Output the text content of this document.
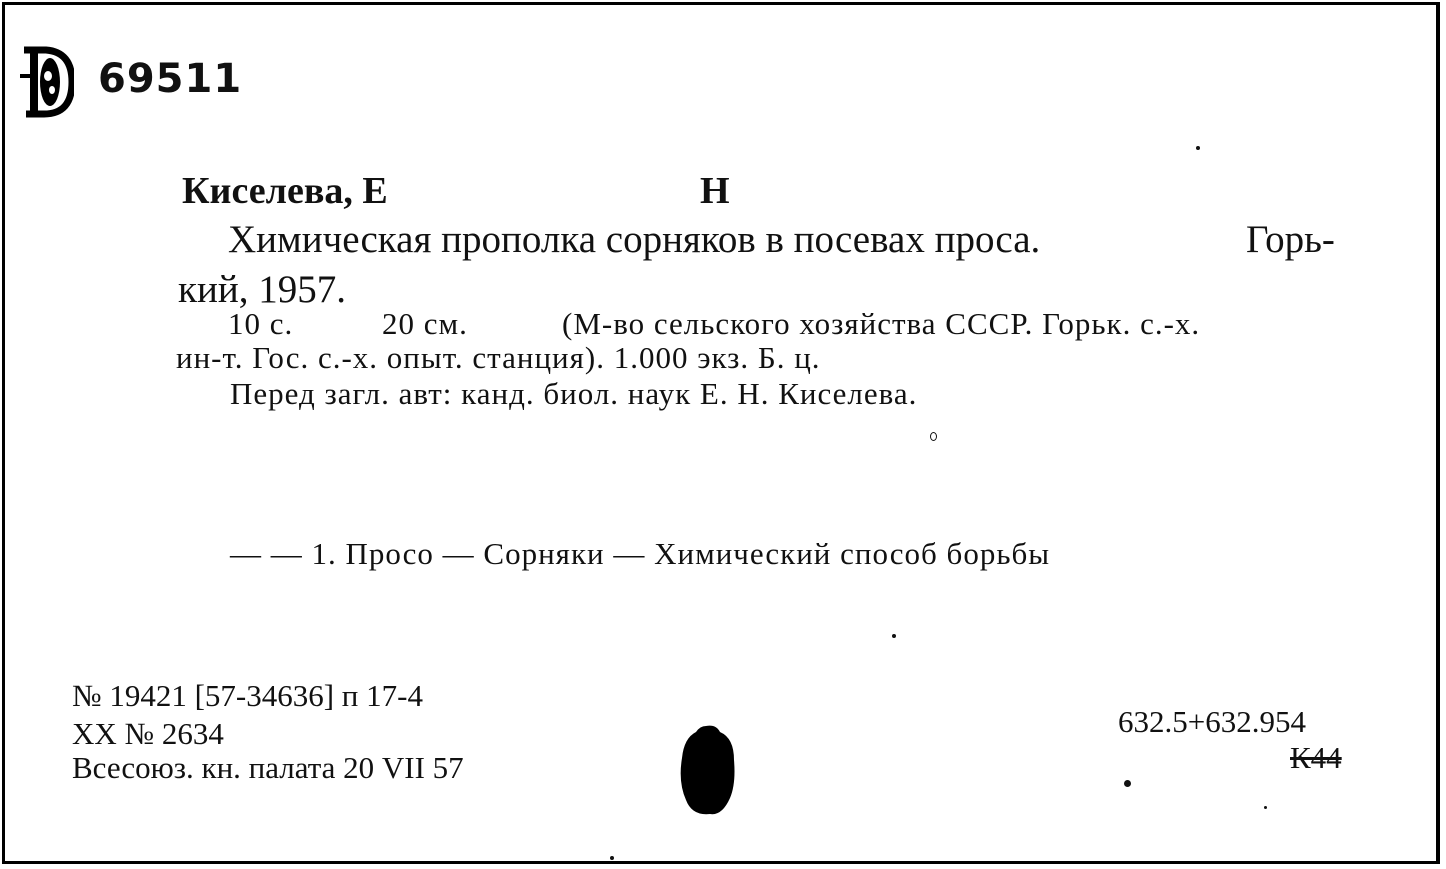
69511
Киселева, Е	Н
Химическая прополка сорняков в посевах проса.	Горь-
кий, 1957.
10 с.	20 см.	(М-во сельского хозяйства СССР. Горьк. с.-х.
ин-т. Гос. с.-х. опыт. станция). 1.000 экз. Б. ц.
Перед загл. авт: канд. биол. наук Е. Н. Киселева.
— — 1. Просо — Сорняки — Химический способ борьбы
№ 19421 [57-34636] п 17-4
XX № 2634
Всесоюз. кн. палата 20 VII 57
632.5+632.954
К44
